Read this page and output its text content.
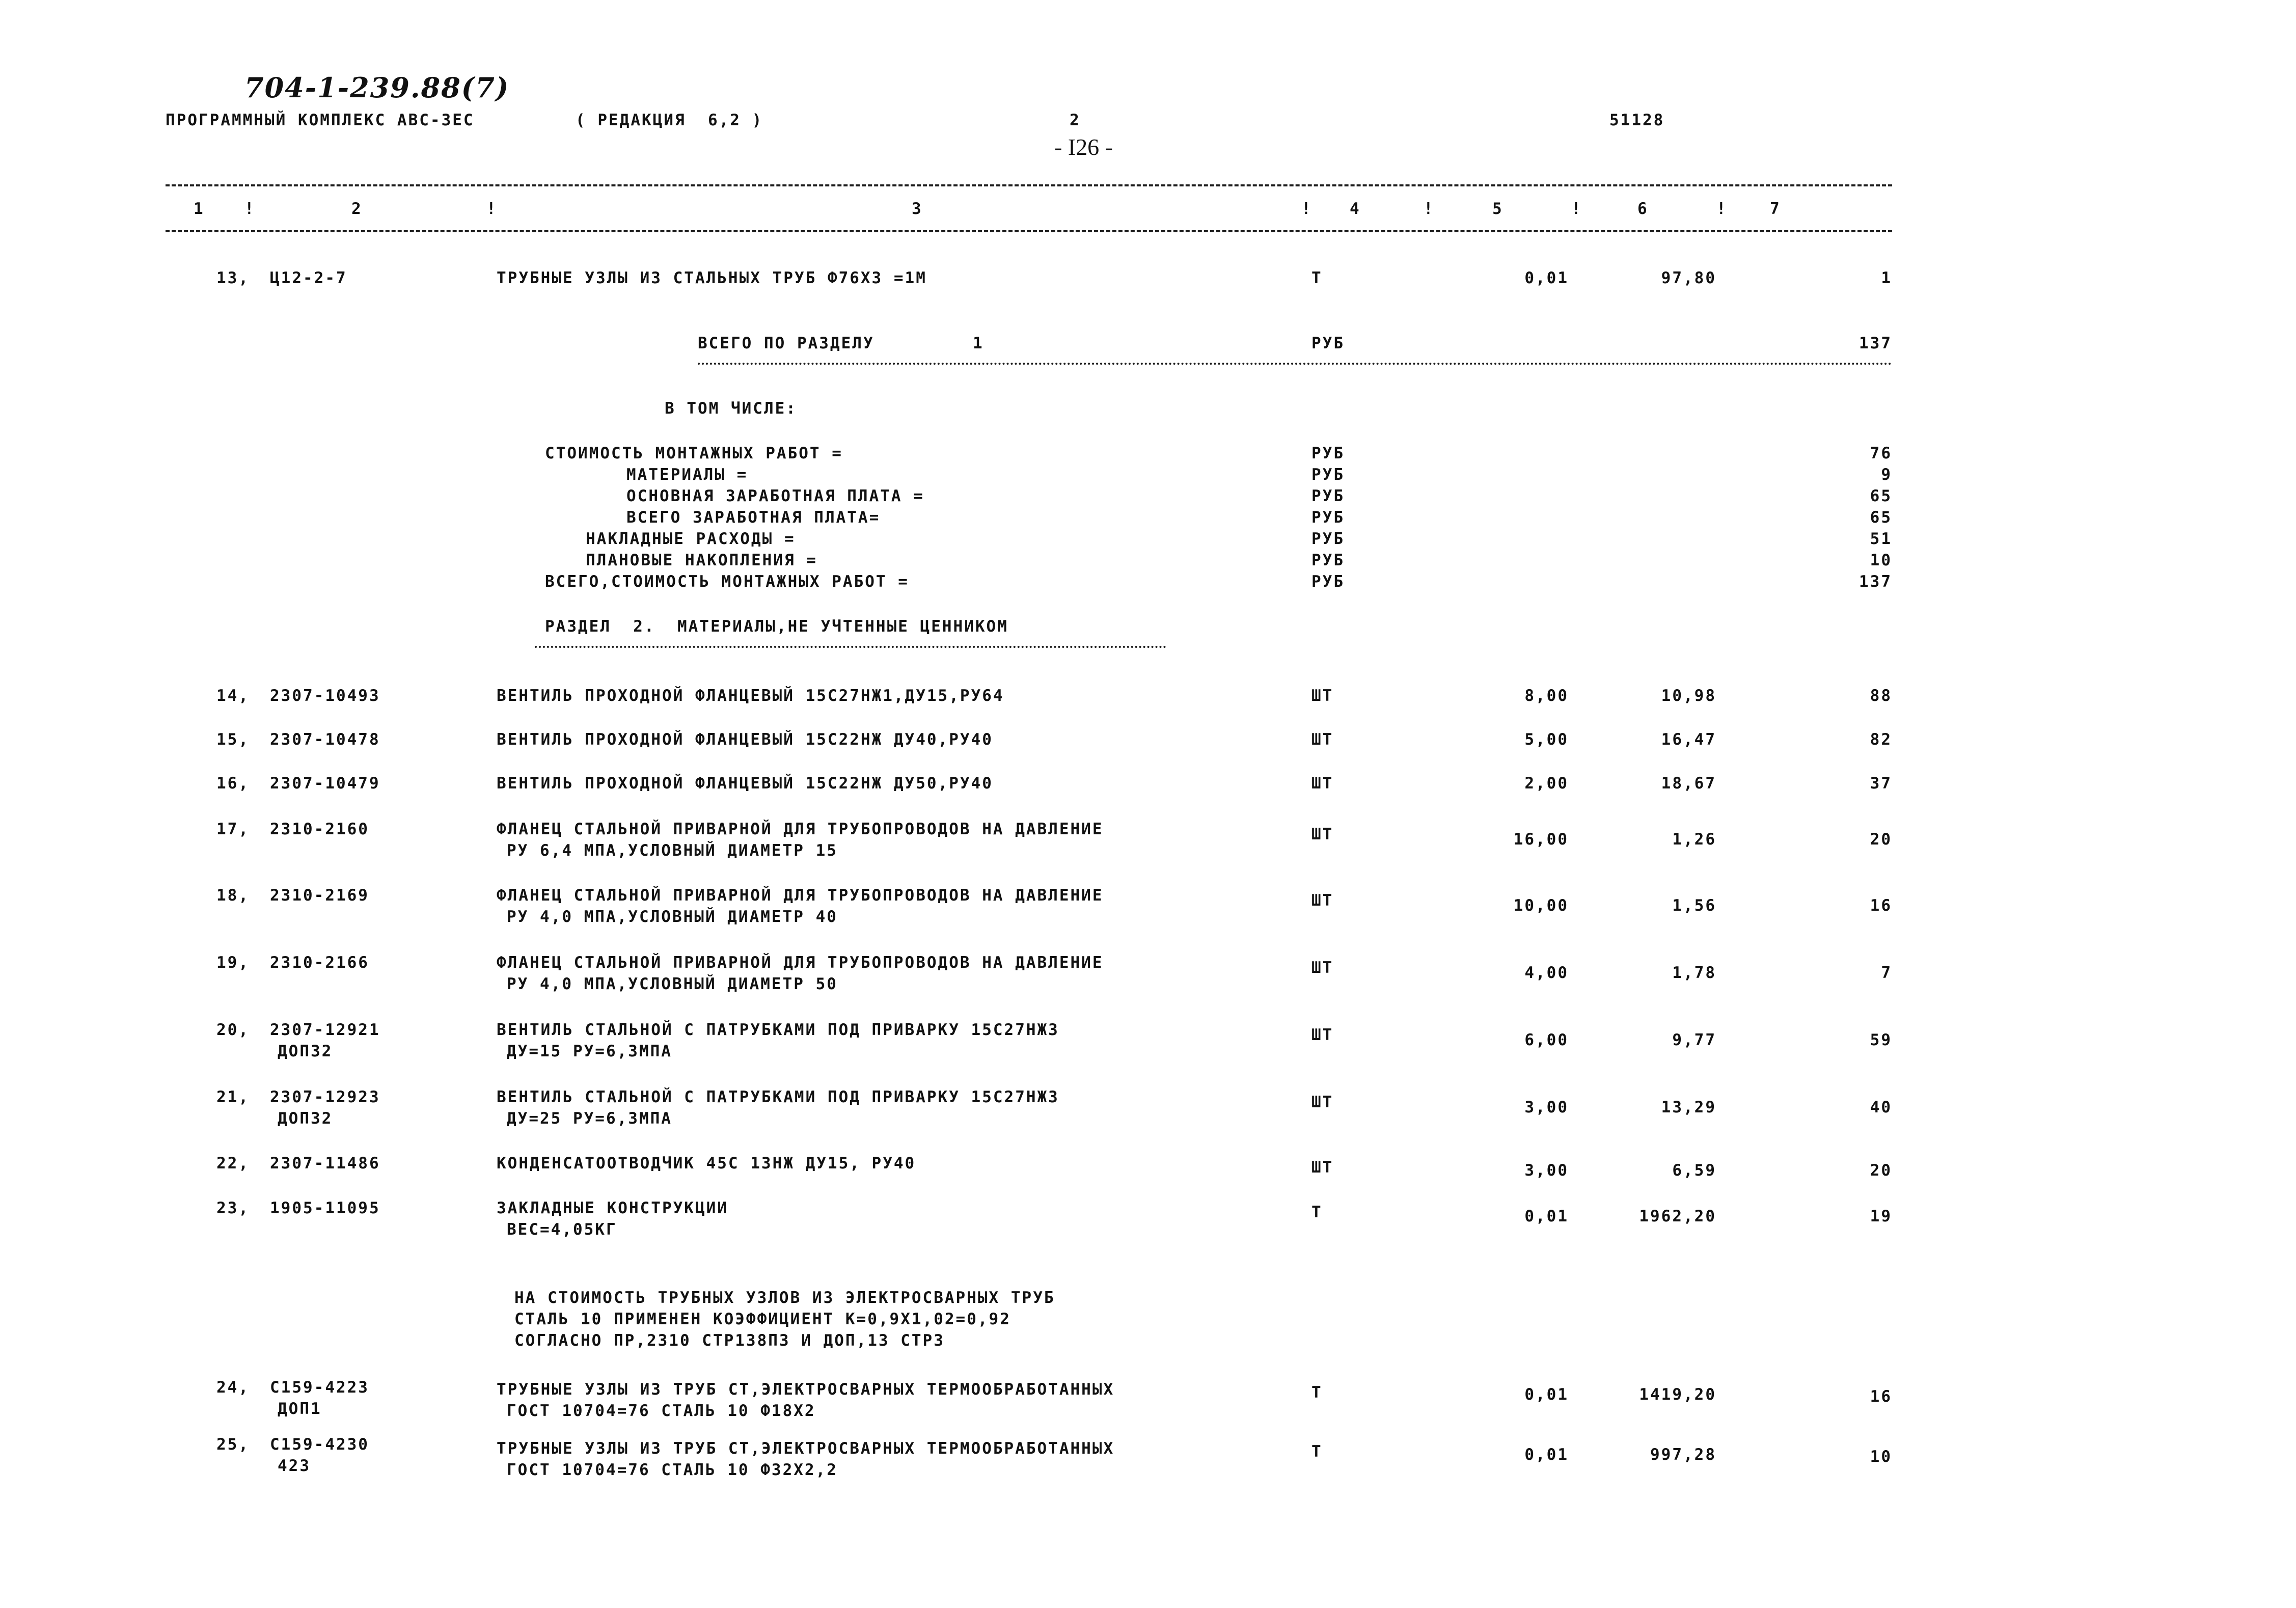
704-1-239.88(7)
ПРОГРАММНЫЙ КОМПЛЕКС АВС-ЗЕС	( РЕДАКЦИЯ  6,2 )	2	51128
- I26 -
1	!	2	!	3	! 4	!	5	!	6	!	7
13, Ц12-2-7	ТРУБНЫЕ УЗЛЫ ИЗ СТАЛЬНЫХ ТРУБ Ф76Х3 =1М	Т	0,01	97,80	1
ВСЕГО ПО РАЗДЕЛУ	1	РУБ	137
В ТОМ ЧИСЛЕ:
СТОИМОСТЬ МОНТАЖНЫХ РАБОТ =	РУБ	76
МАТЕРИАЛЫ =	РУБ	9
ОСНОВНАЯ ЗАРАБОТНАЯ ПЛАТА =	РУБ	65
ВСЕГО ЗАРАБОТНАЯ ПЛАТА=	РУБ	65
НАКЛАДНЫЕ РАСХОДЫ =	РУБ	51
ПЛАНОВЫЕ НАКОПЛЕНИЯ =	РУБ	10
ВСЕГО,СТОИМОСТЬ МОНТАЖНЫХ РАБОТ =	РУБ	137
РАЗДЕЛ  2.  МАТЕРИАЛЫ,НЕ УЧТЕННЫЕ ЦЕННИКОМ
14, 2307-10493	ВЕНТИЛЬ ПРОХОДНОЙ ФЛАНЦЕВЫЙ 15С27НЖ1,ДУ15,РУ64	ШТ	8,00	10,98	88
15, 2307-10478	ВЕНТИЛЬ ПРОХОДНОЙ ФЛАНЦЕВЫЙ 15С22НЖ ДУ40,РУ40	ШТ	5,00	16,47	82
16, 2307-10479	ВЕНТИЛЬ ПРОХОДНОЙ ФЛАНЦЕВЫЙ 15С22НЖ ДУ50,РУ40	ШТ	2,00	18,67	37
17, 2310-2160	ФЛАНЕЦ СТАЛЬНОЙ ПРИВАРНОЙ ДЛЯ ТРУБОПРОВОДОВ НА ДАВЛЕНИЕ
РУ 6,4 МПА,УСЛОВНЫЙ ДИАМЕТР 15
ШТ	16,00	1,26	20
18, 2310-2169	ФЛАНЕЦ СТАЛЬНОЙ ПРИВАРНОЙ ДЛЯ ТРУБОПРОВОДОВ НА ДАВЛЕНИЕ
РУ 4,0 МПА,УСЛОВНЫЙ ДИАМЕТР 40
ШТ	10,00	1,56	16
19, 2310-2166	ФЛАНЕЦ СТАЛЬНОЙ ПРИВАРНОЙ ДЛЯ ТРУБОПРОВОДОВ НА ДАВЛЕНИЕ
РУ 4,0 МПА,УСЛОВНЫЙ ДИАМЕТР 50
ШТ	4,00	1,78	7
20, 2307-12921
ДОП32
ВЕНТИЛЬ СТАЛЬНОЙ С ПАТРУБКАМИ ПОД ПРИВАРКУ 15С27НЖ3
ДУ=15 РУ=6,3МПА
ШТ	6,00	9,77	59
21, 2307-12923
ДОП32
ВЕНТИЛЬ СТАЛЬНОЙ С ПАТРУБКАМИ ПОД ПРИВАРКУ 15С27НЖ3
ДУ=25 РУ=6,3МПА
ШТ	3,00	13,29	40
22, 2307-11486	КОНДЕНСАТООТВОДЧИК 45С 13НЖ ДУ15, РУ40	ШТ	3,00	6,59	20
23, 1905-11095	ЗАКЛАДНЫЕ КОНСТРУКЦИИ
ВЕС=4,05КГ
Т	0,01	1962,20	19
НА СТОИМОСТЬ ТРУБНЫХ УЗЛОВ ИЗ ЭЛЕКТРОСВАРНЫХ ТРУБ
СТАЛЬ 10 ПРИМЕНЕН КОЭФФИЦИЕНТ К=0,9Х1,02=0,92
СОГЛАСНО ПР,2310 СТР138П3 И ДОП,13 СТР3
24, С159-4223
ДОП1
ТРУБНЫЕ УЗЛЫ ИЗ ТРУБ СТ,ЭЛЕКТРОСВАРНЫХ ТЕРМООБРАБОТАННЫХ
ГОСТ 10704=76 СТАЛЬ 10 Ф18Х2
Т	0,01	1419,20	16
25, С159-4230
423
ТРУБНЫЕ УЗЛЫ ИЗ ТРУБ СТ,ЭЛЕКТРОСВАРНЫХ ТЕРМООБРАБОТАННЫХ
ГОСТ 10704=76 СТАЛЬ 10 Ф32Х2,2
Т	0,01	997,28	10
